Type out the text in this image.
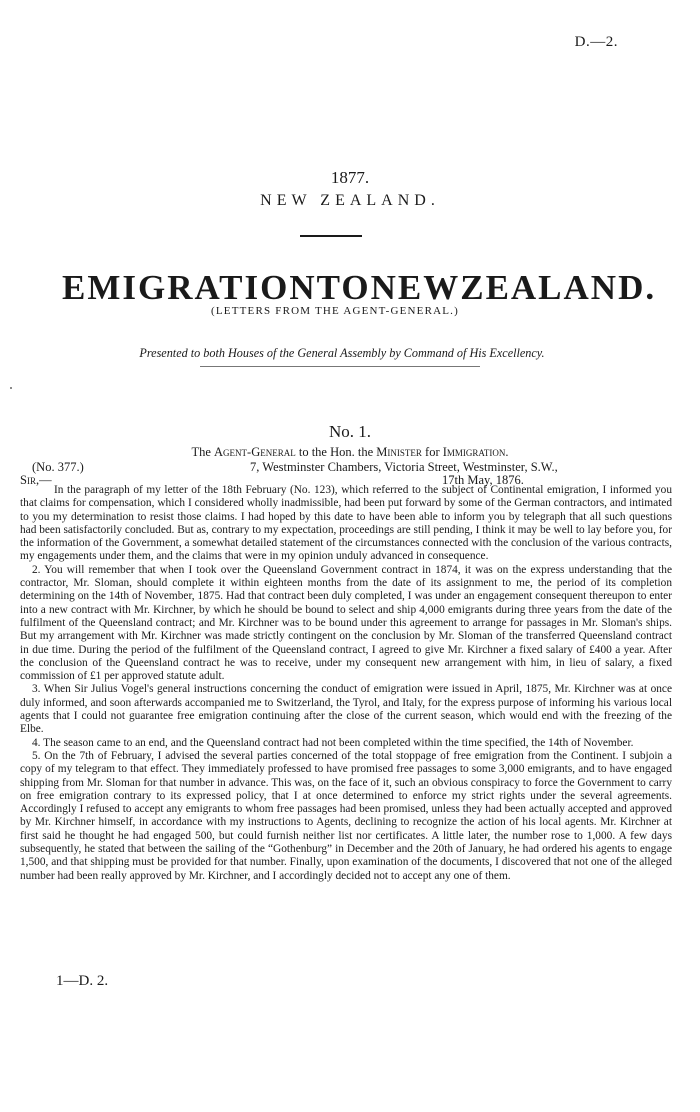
D.—2.
1877.
NEW ZEALAND.
EMIGRATION TO NEW ZEALAND.
(LETTERS FROM THE AGENT-GENERAL.)
Presented to both Houses of the General Assembly by Command of His Excellency.
No. 1.
The Agent-General to the Hon. the Minister for Immigration.
(No. 377.)	7, Westminster Chambers, Victoria Street, Westminster, S.W.,
Sir,—	17th May, 1876.

In the paragraph of my letter of the 18th February (No. 123), which referred to the subject of Continental emigration, I informed you that claims for compensation, which I considered wholly inadmissible, had been put forward by some of the German contractors, and intimated to you my determination to resist those claims. I had hoped by this date to have been able to inform you by telegraph that all such questions had been satisfactorily concluded. But as, contrary to my expectation, proceedings are still pending, I think it may be well to lay before you, for the information of the Government, a somewhat detailed statement of the circumstances connected with the conclusion of the various contracts, my engagements under them, and the claims that were in my opinion unduly advanced in consequence.

2. You will remember that when I took over the Queensland Government contract in 1874, it was on the express understanding that the contractor, Mr. Sloman, should complete it within eighteen months from the date of its assignment to me, the period of its completion determining on the 14th of November, 1875. Had that contract been duly completed, I was under an engagement consequent thereupon to enter into a new contract with Mr. Kirchner, by which he should be bound to select and ship 4,000 emigrants during three years from the date of the fulfilment of the Queensland contract; and Mr. Kirchner was to be bound under this agreement to arrange for passages in Mr. Sloman's ships. But my arrangement with Mr. Kirchner was made strictly contingent on the conclusion by Mr. Sloman of the transferred Queensland contract in due time. During the period of the fulfilment of the Queensland contract, I agreed to give Mr. Kirchner a fixed salary of £400 a year. After the conclusion of the Queensland contract he was to receive, under my consequent new arrangement with him, in lieu of salary, a fixed commission of £1 per approved statute adult.

3. When Sir Julius Vogel's general instructions concerning the conduct of emigration were issued in April, 1875, Mr. Kirchner was at once duly informed, and soon afterwards accompanied me to Switzerland, the Tyrol, and Italy, for the express purpose of informing his various local agents that I could not guarantee free emigration continuing after the close of the current season, which would end with the freezing of the Elbe.

4. The season came to an end, and the Queensland contract had not been completed within the time specified, the 14th of November.

5. On the 7th of February, I advised the several parties concerned of the total stoppage of free emigration from the Continent. I subjoin a copy of my telegram to that effect. They immediately professed to have promised free passages to some 3,000 emigrants, and to have engaged shipping from Mr. Sloman for that number in advance. This was, on the face of it, such an obvious conspiracy to force the Government to carry on free emigration contrary to its expressed policy, that I at once determined to enforce my strict rights under the several agreements. Accordingly I refused to accept any emigrants to whom free passages had been promised, unless they had been actually accepted and approved by Mr. Kirchner himself, in accordance with my instructions to Agents, declining to recognize the action of his local agents. Mr. Kirchner at first said he thought he had engaged 500, but could furnish neither list nor certificates. A little later, the number rose to 1,000. A few days subsequently, he stated that between the sailing of the “Gothenburg” in December and the 20th of January, he had ordered his agents to engage 1,500, and that shipping must be provided for that number. Finally, upon examination of the documents, I discovered that not one of the alleged number had been really approved by Mr. Kirchner, and I accordingly decided not to accept any one of them.

1—D. 2.
